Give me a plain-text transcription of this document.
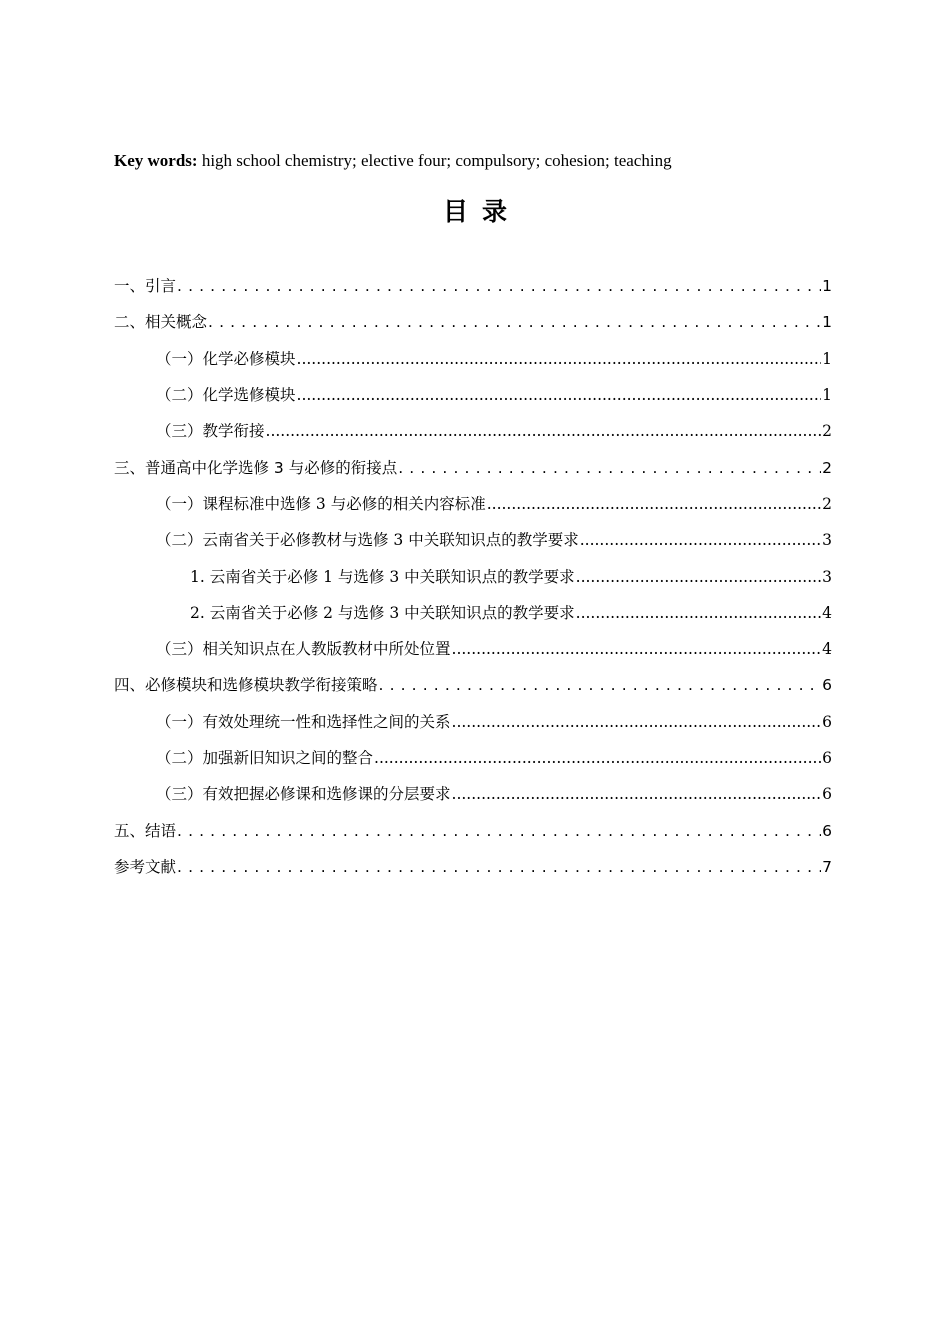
Key words: high school chemistry; elective four; compulsory; cohesion; teaching
目录
一、引言 . . .	1
二、相关概念 . . .	1
（一）化学必修模块 .....	1
（二）化学选修模块 .....	1
（三）教学衔接 .....	2
三、普通高中化学选修 3 与必修的衔接点 . . .	2
（一）课程标准中选修 3 与必修的相关内容标准 .....	2
（二）云南省关于必修教材与选修 3 中关联知识点的教学要求 .....	3
1. 云南省关于必修 1 与选修 3 中关联知识点的教学要求 .....	3
2. 云南省关于必修 2 与选修 3 中关联知识点的教学要求 .....	4
（三）相关知识点在人教版教材中所处位置 .....	4
四、必修模块和选修模块教学衔接策略 . . .	6
（一）有效处理统一性和选择性之间的关系 .....	6
（二）加强新旧知识之间的整合 .....	6
（三）有效把握必修课和选修课的分层要求 .....	6
五、结语 . . .	6
参考文献 . . .	7
